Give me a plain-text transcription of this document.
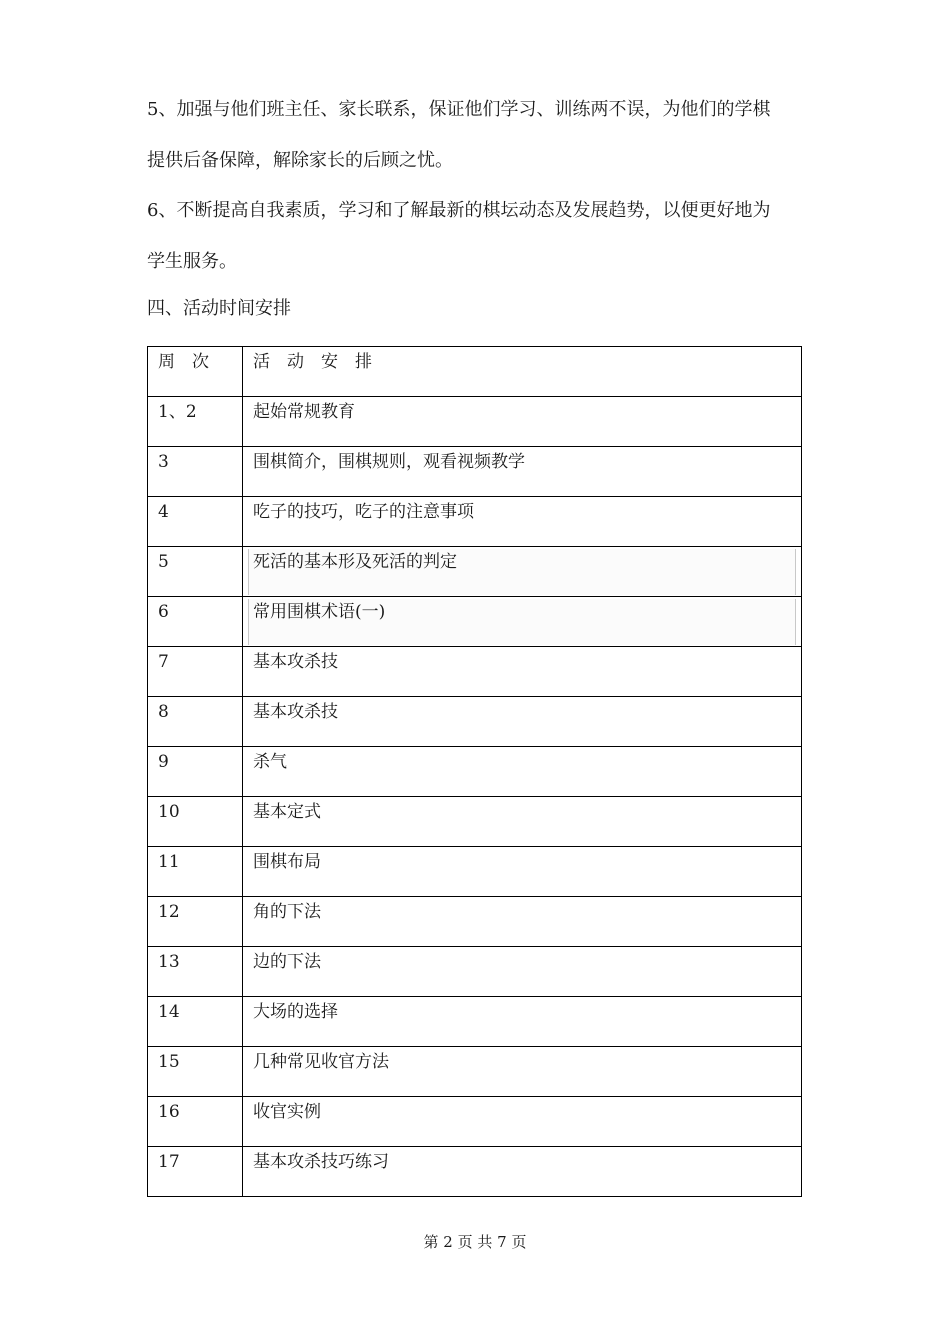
5、加强与他们班主任、家长联系，保证他们学习、训练两不误，为他们的学棋

提供后备保障，解除家长的后顾之忧。

6、不断提高自我素质，学习和了解最新的棋坛动态及发展趋势，以便更好地为

学生服务。

四、活动时间安排

周　次	活　动　安　排
1、2	起始常规教育
3	围棋简介，围棋规则，观看视频教学
4	吃子的技巧，吃子的注意事项
5	死活的基本形及死活的判定
6	常用围棋术语(一)
7	基本攻杀技
8	基本攻杀技
9	杀气
10	基本定式
11	围棋布局
12	角的下法
13	边的下法
14	大场的选择
15	几种常见收官方法
16	收官实例
17	基本攻杀技巧练习
第 2 页 共 7 页
